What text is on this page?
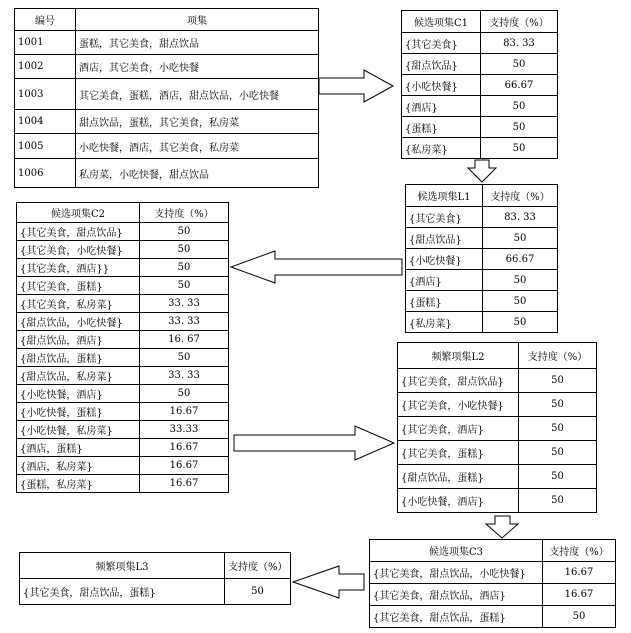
编号	项集
1001	蛋糕，其它美食，甜点饮品
1002	酒店，其它美食，小吃快餐
1003	其它美食，蛋糕，酒店，甜点饮品，小吃快餐
1004	甜点饮品，蛋糕，其它美食，私房菜
1005	小吃快餐，酒店，其它美食，私房菜
1006	私房菜，小吃快餐，甜点饮品
候选项集C1	支持度（%）
{其它美食}	83. 33
{甜点饮品}	50
{小吃快餐}	66.67
{酒店}	50
{蛋糕}	50
{私房菜}	50
候选项集L1	支持度（%）
{其它美食}	83. 33
{甜点饮品}	50
{小吃快餐}	66.67
{酒店}	50
{蛋糕}	50
{私房菜}	50
候选项集C2	支持度（%）
{其它美食，甜点饮品}	50
{其它美食，小吃快餐}	50
{其它美食，酒店}}	50
{其它美食，蛋糕}	50
{其它美食，私房菜}	33. 33
{甜点饮品，小吃快餐}	33. 33
{甜点饮品，酒店}	16. 67
{甜点饮品，蛋糕}	50
{甜点饮品，私房菜}	33. 33
{小吃快餐，酒店}	50
{小吃快餐，蛋糕}	16.67
{小吃快餐，私房菜}	33.33
{酒店，蛋糕}	16.67
{酒店，私房菜}	16.67
{蛋糕，私房菜}	16.67
频繁项集L2	支持度（%）
{其它美食，甜点饮品}	50
{其它美食，小吃快餐}	50
{其它美食，酒店}	50
{其它美食，蛋糕}	50
{甜点饮品，蛋糕}	50
{小吃快餐，酒店}	50
候选项集C3	支持度（%）
{其它美食，甜点饮品，小吃快餐}	16.67
{其它美食，甜点饮品，酒店}	16.67
{其它美食，甜点饮品，蛋糕}	50
频繁项集L3	支持度（%）
{其它美食，甜点饮品，蛋糕}	50
